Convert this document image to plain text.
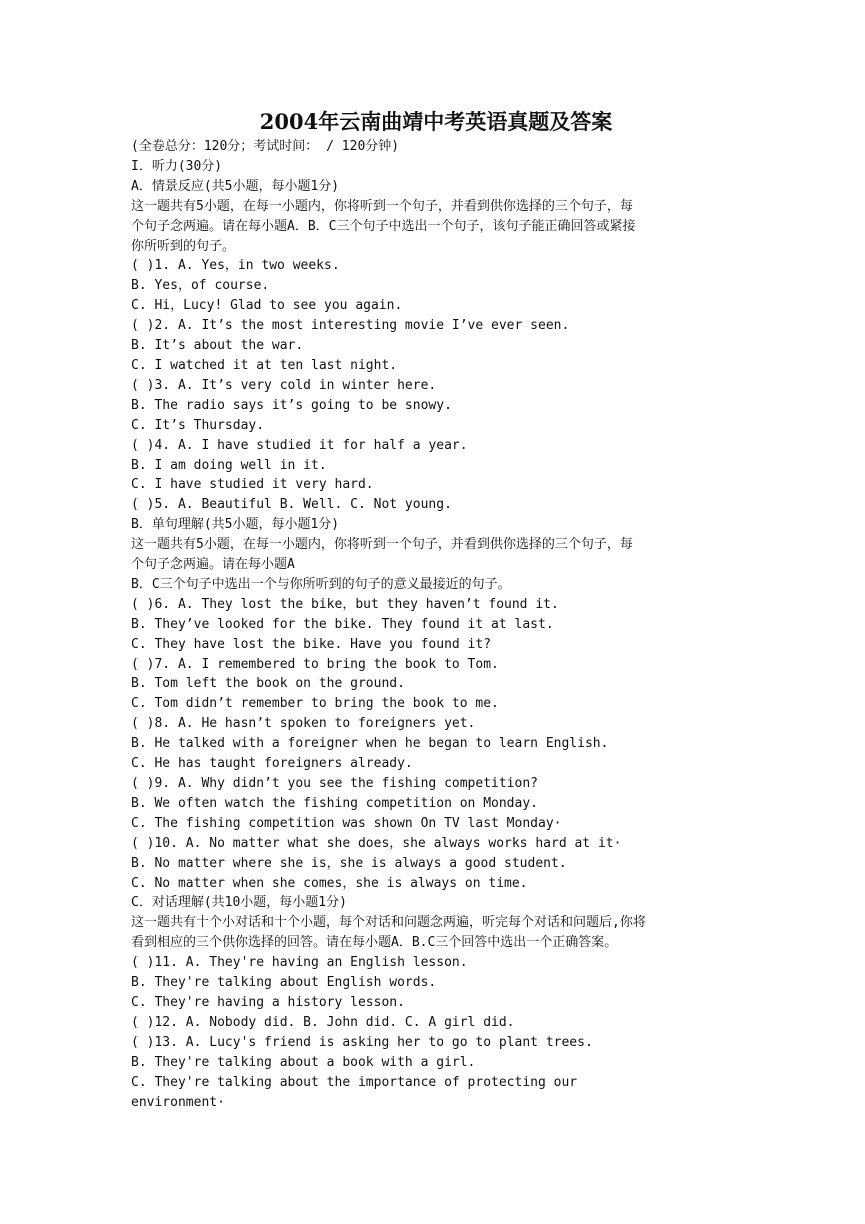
2004年云南曲靖中考英语真题及答案
(全卷总分：120分；考试时间： / 120分钟)
I．听力(30分)
A．情景反应(共5小题，每小题1分)
这一题共有5小题，在每一小题内，你将听到一个句子，并看到供你选择的三个句子，每
个句子念两遍。请在每小题A．B．C三个句子中选出一个句子，该句子能正确回答或紧接
你所听到的句子。
( )1. A. Yes，in two weeks.
B. Yes，of course.
C. Hi，Lucy! Glad to see you again.
( )2. A. It’s the most interesting movie I’ve ever seen.
B. It’s about the war.
C. I watched it at ten last night.
( )3. A. It’s very cold in winter here.
B. The radio says it’s going to be snowy.
C. It’s Thursday.
( )4. A. I have studied it for half a year.
B. I am doing well in it.
C. I have studied it very hard.
( )5. A. Beautiful B. Well. C. Not young.
B．单句理解(共5小题，每小题1分)
这一题共有5小题，在每一小题内，你将听到一个句子，并看到供你选择的三个句子，每
个句子念两遍。请在每小题A
B．C三个句子中选出一个与你所听到的句子的意义最接近的句子。
( )6. A. They lost the bike，but they haven’t found it.
B. They’ve looked for the bike. They found it at last.
C. They have lost the bike. Have you found it?
( )7. A. I remembered to bring the book to Tom.
B. Tom left the book on the ground.
C. Tom didn’t remember to bring the book to me.
( )8. A. He hasn’t spoken to foreigners yet.
B. He talked with a foreigner when he began to learn English.
C. He has taught foreigners already.
( )9. A. Why didn’t you see the fishing competition?
B. We often watch the fishing competition on Monday.
C. The fishing competition was shown On TV last Monday·
( )10. A. No matter what she does，she always works hard at it·
B. No matter where she is，she is always a good student.
C. No matter when she comes，she is always on time.
C．对话理解(共10小题，每小题1分)
这一题共有十个小对话和十个小题，每个对话和问题念两遍，听完每个对话和问题后,你将
看到相应的三个供你选择的回答。请在每小题A．B.C三个回答中选出一个正确答案。
( )11. A. They're having an English lesson.
B. They're talking about English words.
C. They're having a history lesson.
( )12. A. Nobody did. B. John did. C. A girl did.
( )13. A. Lucy's friend is asking her to go to plant trees.
B. They're talking about a book with a girl.
C. They're talking about the importance of protecting our
environment·
